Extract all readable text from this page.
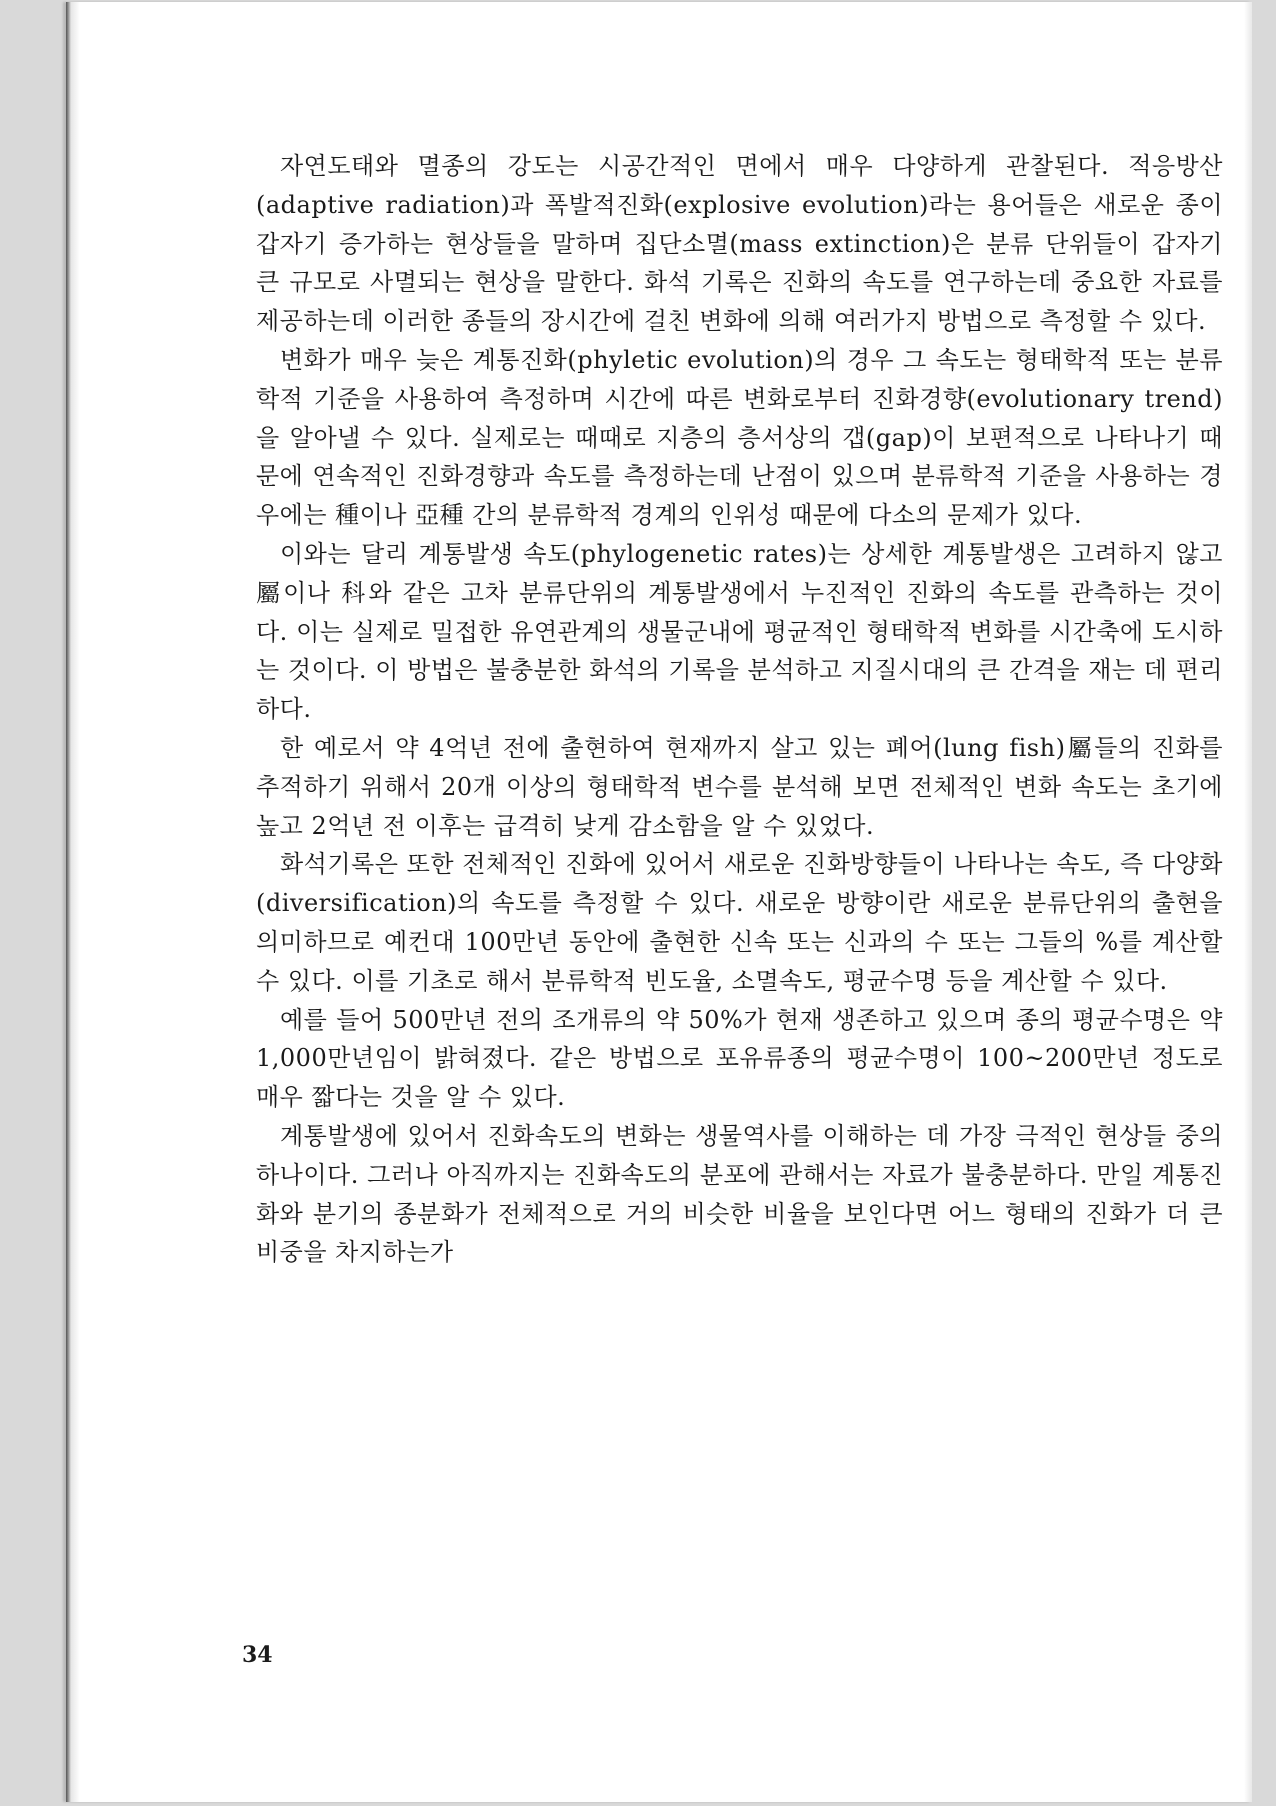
자연도태와 멸종의 강도는 시공간적인 면에서 매우 다양하게 관찰된다. 적응방산(adaptive radiation)과 폭발적진화(explosive evolution)라는 용어들은 새로운 종이 갑자기 증가하는 현상들을 말하며 집단소멸(mass extinction)은 분류 단위들이 갑자기 큰 규모로 사멸되는 현상을 말한다. 화석 기록은 진화의 속도를 연구하는데 중요한 자료를 제공하는데 이러한 종들의 장시간에 걸친 변화에 의해 여러가지 방법으로 측정할 수 있다.

변화가 매우 늦은 계통진화(phyletic evolution)의 경우 그 속도는 형태학적 또는 분류학적 기준을 사용하여 측정하며 시간에 따른 변화로부터 진화경향(evolutionary trend)을 알아낼 수 있다. 실제로는 때때로 지층의 층서상의 갭(gap)이 보편적으로 나타나기 때문에 연속적인 진화경향과 속도를 측정하는데 난점이 있으며 분류학적 기준을 사용하는 경우에는 種이나 亞種 간의 분류학적 경계의 인위성 때문에 다소의 문제가 있다.

이와는 달리 계통발생 속도(phylogenetic rates)는 상세한 계통발생은 고려하지 않고 屬이나 科와 같은 고차 분류단위의 계통발생에서 누진적인 진화의 속도를 관측하는 것이다. 이는 실제로 밀접한 유연관계의 생물군내에 평균적인 형태학적 변화를 시간축에 도시하는 것이다. 이 방법은 불충분한 화석의 기록을 분석하고 지질시대의 큰 간격을 재는 데 편리하다.

한 예로서 약 4억년 전에 출현하여 현재까지 살고 있는 폐어(lung fish)屬들의 진화를 추적하기 위해서 20개 이상의 형태학적 변수를 분석해 보면 전체적인 변화 속도는 초기에 높고 2억년 전 이후는 급격히 낮게 감소함을 알 수 있었다.

화석기록은 또한 전체적인 진화에 있어서 새로운 진화방향들이 나타나는 속도, 즉 다양화(diversification)의 속도를 측정할 수 있다. 새로운 방향이란 새로운 분류단위의 출현을 의미하므로 예컨대 100만년 동안에 출현한 신속 또는 신과의 수 또는 그들의 %를 계산할 수 있다. 이를 기초로 해서 분류학적 빈도율, 소멸속도, 평균수명 등을 계산할 수 있다.

예를 들어 500만년 전의 조개류의 약 50%가 현재 생존하고 있으며 종의 평균수명은 약 1,000만년임이 밝혀졌다. 같은 방법으로 포유류종의 평균수명이 100~200만년 정도로 매우 짧다는 것을 알 수 있다.

계통발생에 있어서 진화속도의 변화는 생물역사를 이해하는 데 가장 극적인 현상들 중의 하나이다. 그러나 아직까지는 진화속도의 분포에 관해서는 자료가 불충분하다. 만일 계통진화와 분기의 종분화가 전체적으로 거의 비슷한 비율을 보인다면 어느 형태의 진화가 더 큰 비중을 차지하는가

34
